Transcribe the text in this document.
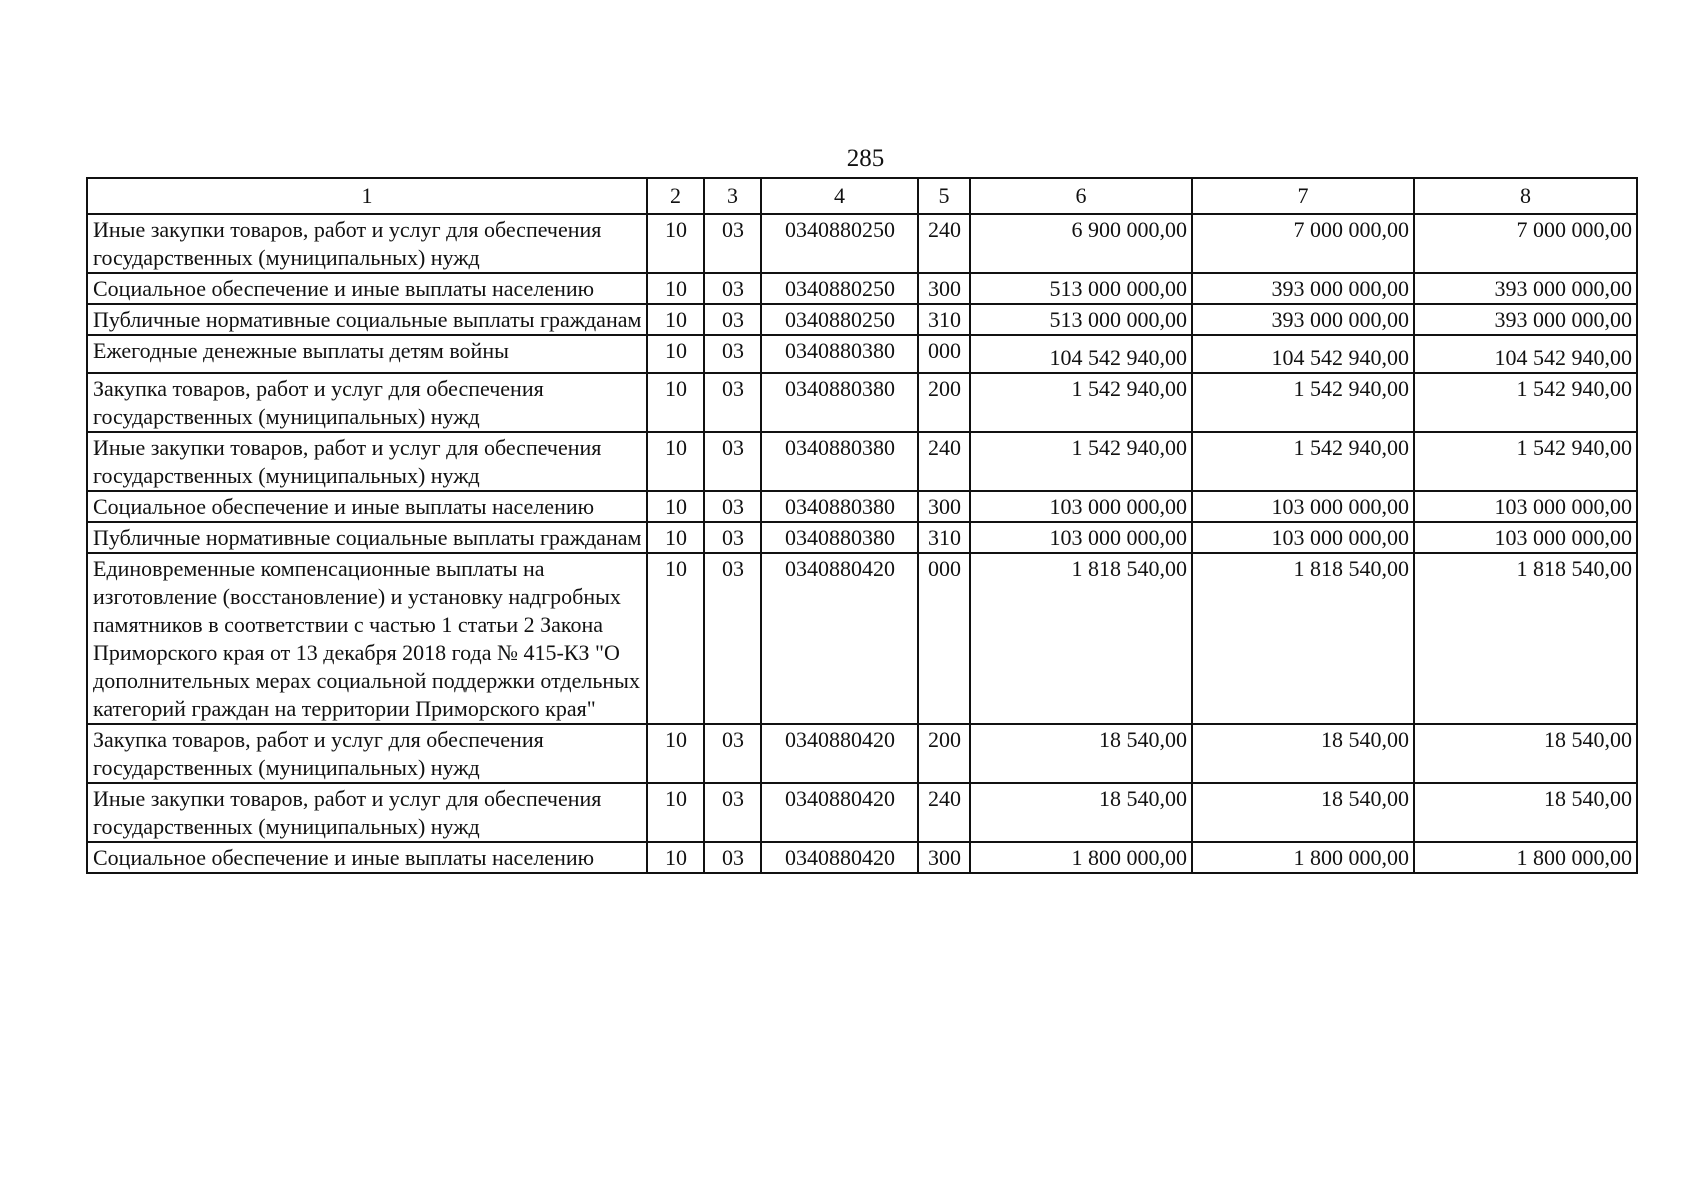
285
1	2	3	4	5	6	7	8
Иные закупки товаров, работ и услуг для обеспечения государственных (муниципальных) нужд	10	03	0340880250	240	6 900 000,00	7 000 000,00	7 000 000,00
Социальное обеспечение и иные выплаты населению	10	03	0340880250	300	513 000 000,00	393 000 000,00	393 000 000,00
Публичные нормативные социальные выплаты гражданам	10	03	0340880250	310	513 000 000,00	393 000 000,00	393 000 000,00
Ежегодные денежные выплаты детям войны	10	03	0340880380	000	104 542 940,00	104 542 940,00	104 542 940,00
Закупка товаров, работ и услуг для обеспечения государственных (муниципальных) нужд	10	03	0340880380	200	1 542 940,00	1 542 940,00	1 542 940,00
Иные закупки товаров, работ и услуг для обеспечения государственных (муниципальных) нужд	10	03	0340880380	240	1 542 940,00	1 542 940,00	1 542 940,00
Социальное обеспечение и иные выплаты населению	10	03	0340880380	300	103 000 000,00	103 000 000,00	103 000 000,00
Публичные нормативные социальные выплаты гражданам	10	03	0340880380	310	103 000 000,00	103 000 000,00	103 000 000,00
Единовременные компенсационные выплаты на изготовление (восстановление) и установку надгробных памятников в соответствии с частью 1 статьи 2 Закона Приморского края от 13 декабря 2018 года № 415-КЗ "О дополнительных мерах социальной поддержки отдельных категорий граждан на территории Приморского края"	10	03	0340880420	000	1 818 540,00	1 818 540,00	1 818 540,00
Закупка товаров, работ и услуг для обеспечения государственных (муниципальных) нужд	10	03	0340880420	200	18 540,00	18 540,00	18 540,00
Иные закупки товаров, работ и услуг для обеспечения государственных (муниципальных) нужд	10	03	0340880420	240	18 540,00	18 540,00	18 540,00
Социальное обеспечение и иные выплаты населению	10	03	0340880420	300	1 800 000,00	1 800 000,00	1 800 000,00
